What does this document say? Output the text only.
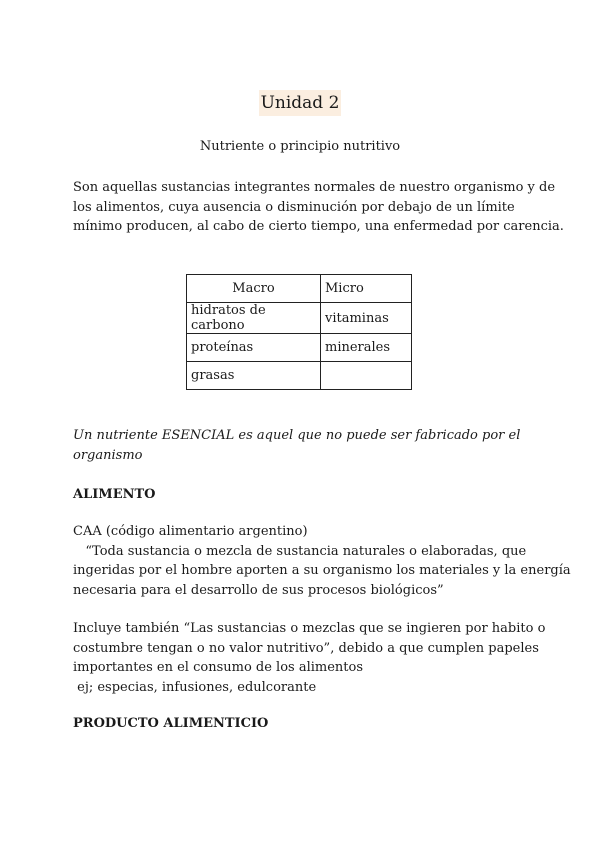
Unidad 2
Nutriente o principio nutritivo
Son aquellas sustancias integrantes normales de nuestro organismo y de
los alimentos, cuya ausencia o disminución por debajo de un límite
mínimo producen, al cabo de cierto tiempo, una enfermedad por carencia.
Macro	Micro
hidratos de carbono	vitaminas
proteínas	minerales
grasas	
Un nutriente ESENCIAL es aquel que no puede ser fabricado por el
organismo
ALIMENTO
CAA (código alimentario argentino)
“Toda sustancia o mezcla de sustancia naturales o elaboradas, que
ingeridas por el hombre aporten a su organismo los materiales y la energía
necesaria para el desarrollo de sus procesos biológicos”
Incluye también “Las sustancias o mezclas que se ingieren por habito o
costumbre tengan o no valor nutritivo”, debido a que cumplen papeles
importantes en el consumo de los alimentos
ej; especias, infusiones, edulcorante
PRODUCTO ALIMENTICIO
